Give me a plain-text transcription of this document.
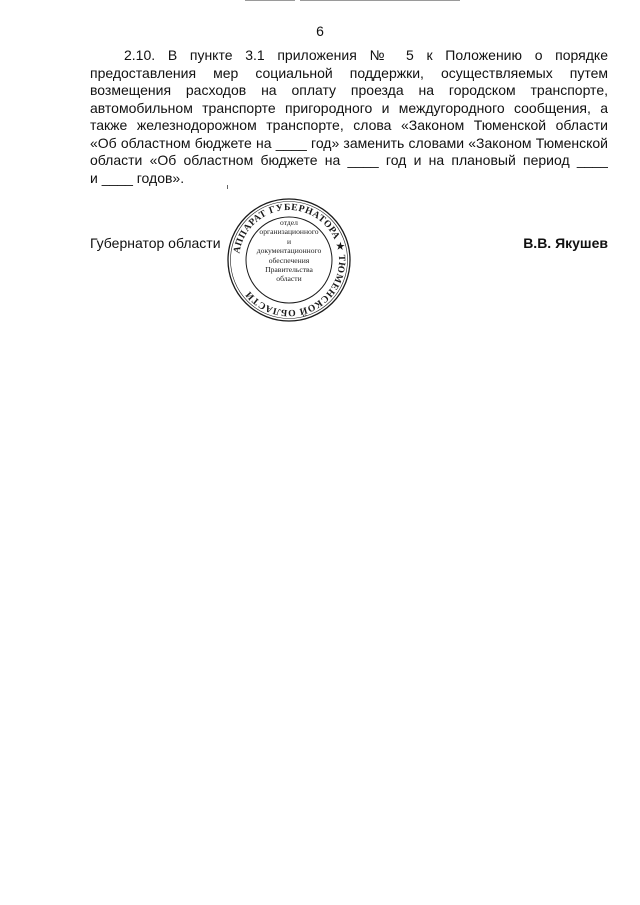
6

2.10. В пункте 3.1 приложения № 5 к Положению о порядке
предоставления мер социальной поддержки, осуществляемых путем
возмещения расходов на оплату проезда на городском транспорте,
автомобильном транспорте пригородного и междугородного сообщения, а
также железнодорожном транспорте, слова «Законом Тюменской области
«Об областном бюджете на ____ год» заменить словами «Законом Тюменской
области «Об областном бюджете на ____ год и на плановый период ____
и ____ годов».

Губернатор области АППАРАТ ГУБЕРНАТОРА ★ ТЮМЕНСКОЙ ОБЛАСТИ
отдел
организационного
и
документационного
обеспечения
Правительства
области
В.В. Якушев
